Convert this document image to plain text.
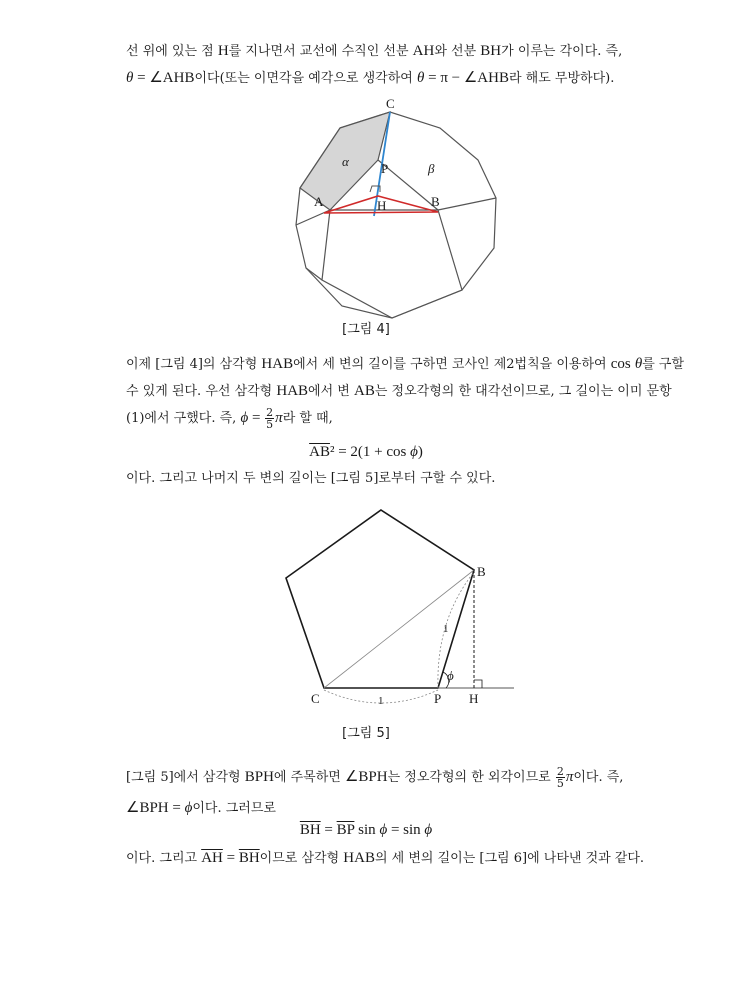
선 위에 있는 점 H를 지나면서 교선에 수직인 선분 AH와 선분 BH가 이루는 각이다. 즉,
θ = ∠AHB이다(또는 이면각을 예각으로 생각하여 θ = π − ∠AHB라 해도 무방하다).
C
α P	β
A	H	B
B
C	P H
1
1
ϕ
[그림 4]
이제 [그림 4]의 삼각형 HAB에서 세 변의 길이를 구하면 코사인 제2법칙을 이용하여 cos θ를 구할
수 있게 된다. 우선 삼각형 HAB에서 변 AB는 정오각형의 한 대각선이므로, 그 길이는 이미 문항
(1)에서 구했다. 즉, $\phi = \frac{2}{5}$ π라 할 때,
$\overline{AB}^2 = 2(1 + \cos \phi)$
이다. 그리고 나머지 두 변의 길이는 [그림 5]로부터 구할 수 있다.
[그림 5]
[그림 5]에서 삼각형 BPH에 주목하면 ∠BPH는 정오각형의 한 외각이므로 $\frac{2}{5}$ π이다. 즉,
∠BPH = ϕ이다. 그러므로
$\overline{BH} = \overline{BP}$ sin ϕ = sin ϕ
이다. 그리고 $\overline{AH} = \overline{BH}$이므로 삼각형 HAB의 세 변의 길이는 [그림 6]에 나타낸 것과 같다.
